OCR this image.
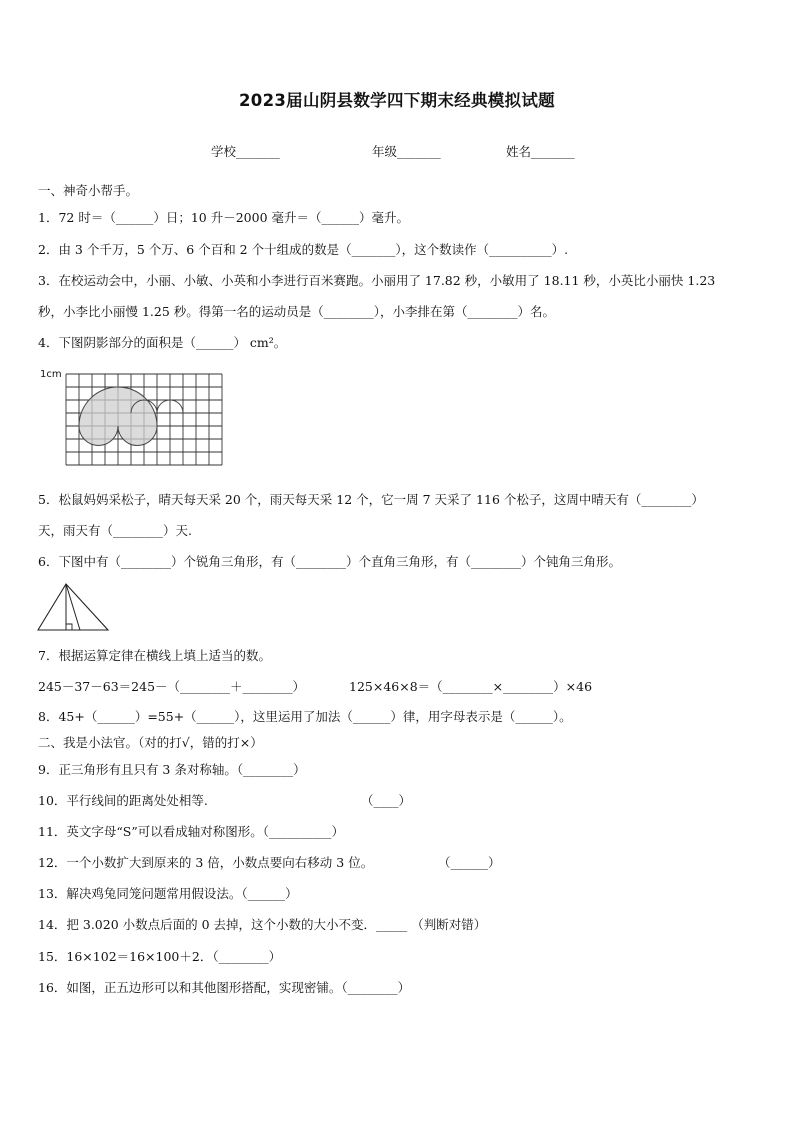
2023届山阴县数学四下期末经典模拟试题
学校_______	年级_______	姓名_______
一、神奇小帮手。
1．72 时＝（______）日；10 升－2000 毫升＝（______）毫升。
2．由 3 个千万，5 个万、6 个百和 2 个十组成的数是（_______），这个数读作（__________）.
3．在校运动会中，小丽、小敏、小英和小李进行百米赛跑。小丽用了 17.82 秒，小敏用了 18.11 秒，小英比小丽快 1.23
秒，小李比小丽慢 1.25 秒。得第一名的运动员是（________），小李排在第（________）名。
4．下图阴影部分的面积是（______） cm²。
1cm
5．松鼠妈妈采松子，晴天每天采 20 个，雨天每天采 12 个，它一周 7 天采了 116 个松子，这周中晴天有（________）
天，雨天有（________）天.
6．下图中有（________）个锐角三角形，有（________）个直角三角形，有（________）个钝角三角形。
7．根据运算定律在横线上填上适当的数。
245－37－63＝245－（________＋________）	125×46×8＝（________×________）×46
8．45+（______）=55+（______），这里运用了加法（______）律，用字母表示是（______）。
二、我是小法官。（对的打√，错的打×）
9．正三角形有且只有 3 条对称轴。（________）
10．平行线间的距离处处相等.	（____）
11．英文字母“S”可以看成轴对称图形。（__________）
12．一个小数扩大到原来的 3 倍，小数点要向右移动 3 位。	（______）
13．解决鸡兔同笼问题常用假设法。（______）
14．把 3.020 小数点后面的 0 去掉，这个小数的大小不变．_____ （判断对错）
15．16×102＝16×100＋2．（________）
16．如图，正五边形可以和其他图形搭配，实现密铺。（________）
